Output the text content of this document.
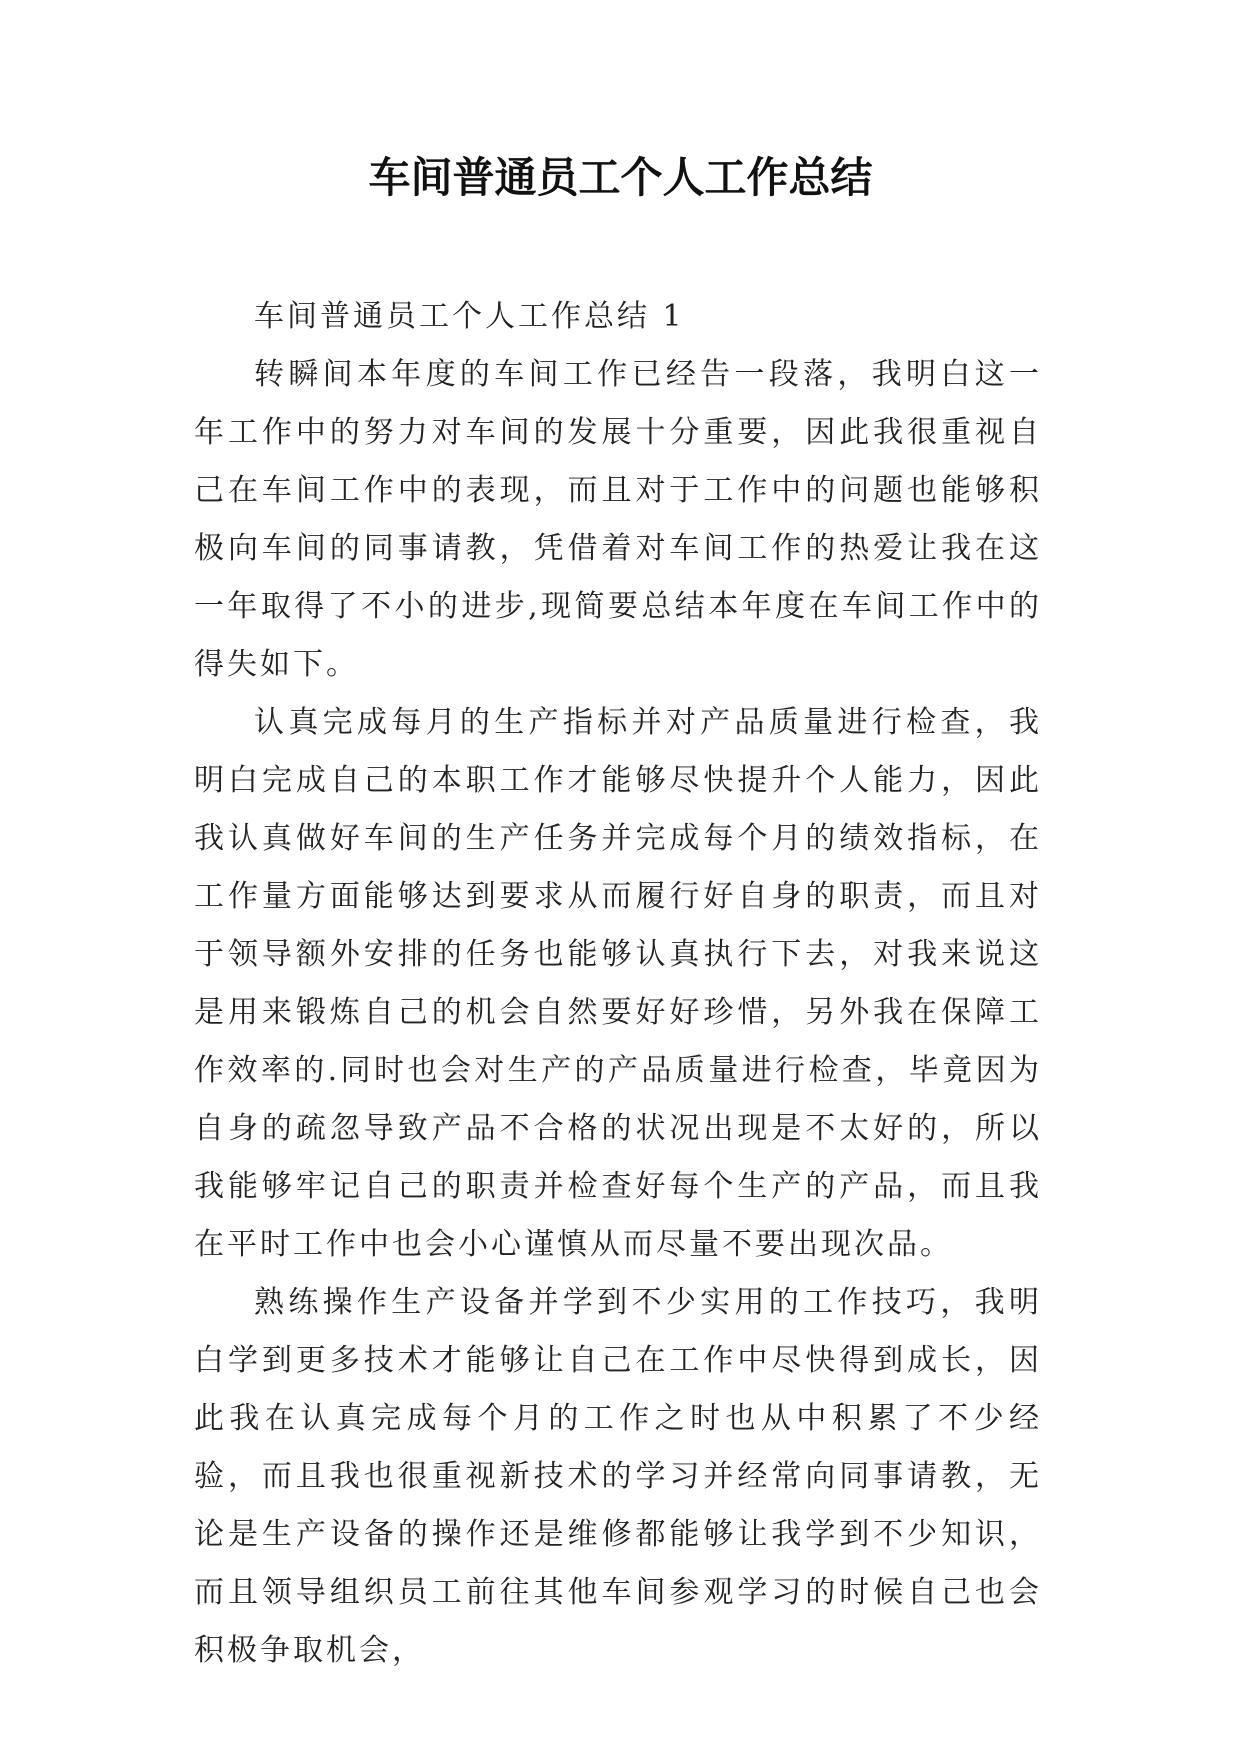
车间普通员工个人工作总结

车间普通员工个人工作总结 1

转瞬间本年度的车间工作已经告一段落，我明白这一年工作中的努力对车间的发展十分重要，因此我很重视自己在车间工作中的表现，而且对于工作中的问题也能够积极向车间的同事请教，凭借着对车间工作的热爱让我在这一年取得了不小的进步,现简要总结本年度在车间工作中的得失如下。

认真完成每月的生产指标并对产品质量进行检查，我明白完成自己的本职工作才能够尽快提升个人能力，因此我认真做好车间的生产任务并完成每个月的绩效指标，在工作量方面能够达到要求从而履行好自身的职责，而且对于领导额外安排的任务也能够认真执行下去，对我来说这是用来锻炼自己的机会自然要好好珍惜，另外我在保障工作效率的.同时也会对生产的产品质量进行检查，毕竟因为自身的疏忽导致产品不合格的状况出现是不太好的，所以我能够牢记自己的职责并检查好每个生产的产品，而且我在平时工作中也会小心谨慎从而尽量不要出现次品。

熟练操作生产设备并学到不少实用的工作技巧，我明白学到更多技术才能够让自己在工作中尽快得到成长，因此我在认真完成每个月的工作之时也从中积累了不少经验，而且我也很重视新技术的学习并经常向同事请教，无论是生产设备的操作还是维修都能够让我学到不少知识，而且领导组织员工前往其他车间参观学习的时候自己也会积极争取机会，
